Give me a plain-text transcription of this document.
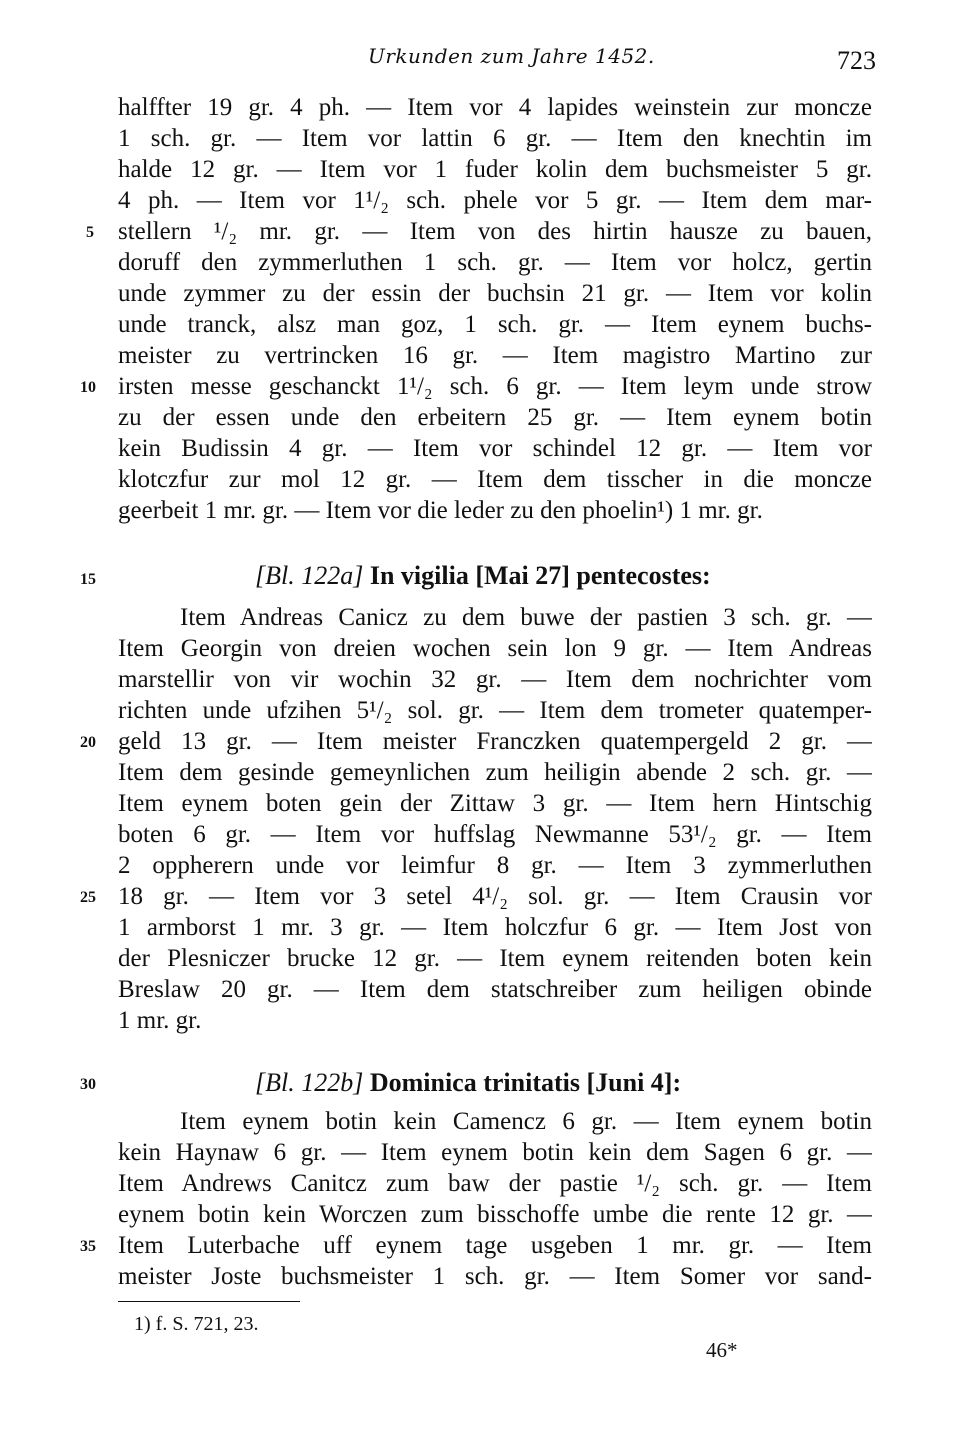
Urkunden zum Jahre 1452.	723
halffter 19 gr. 4 ph. — Item vor 4 lapides weinstein zur moncze
1 sch. gr. — Item vor lattin 6 gr. — Item den knechtin im
halde 12 gr. — Item vor 1 fuder kolin dem buchsmeister 5 gr.
4 ph. — Item vor 1¹/₂ sch. phele vor 5 gr. — Item dem mar-
stellern ¹/₂ mr. gr. — Item von des hirtin hausze zu bauen,
doruff den zymmerluthen 1 sch. gr. — Item vor holcz, gertin
unde zymmer zu der essin der buchsin 21 gr. — Item vor kolin
unde tranck, alsz man goz, 1 sch. gr. — Item eynem buchs-
meister zu vertrincken 16 gr. — Item magistro Martino zur
irsten messe geschanckt 1¹/₂ sch. 6 gr. — Item leym unde strow
zu der essen unde den erbeitern 25 gr. — Item eynem botin
kein Budissin 4 gr. — Item vor schindel 12 gr. — Item vor
klotczfur zur mol 12 gr. — Item dem tisscher in die moncze
geerbeit 1 mr. gr. — Item vor die leder zu den phoelin¹) 1 mr. gr.
[Bl. 122a] In vigilia [Mai 27] pentecostes:
Item Andreas Canicz zu dem buwe der pastien 3 sch. gr. —
Item Georgin von dreien wochen sein lon 9 gr. — Item Andreas
marstellir von vir wochin 32 gr. — Item dem nochrichter vom
richten unde ufzihen 5¹/₂ sol. gr. — Item dem trometer quatemper-
geld 13 gr. — Item meister Franczken quatempergeld 2 gr. —
Item dem gesinde gemeynlichen zum heiligin abende 2 sch. gr. —
Item eynem boten gein der Zittaw 3 gr. — Item hern Hintschig
boten 6 gr. — Item vor huffslag Newmanne 53¹/₂ gr. — Item
2 oppherern unde vor leimfur 8 gr. — Item 3 zymmerluthen
18 gr. — Item vor 3 setel 4¹/₂ sol. gr. — Item Crausin vor
1 armborst 1 mr. 3 gr. — Item holczfur 6 gr. — Item Jost von
der Plesniczer brucke 12 gr. — Item eynem reitenden boten kein
Breslaw 20 gr. — Item dem statschreiber zum heiligen obinde
1 mr. gr.
[Bl. 122b] Dominica trinitatis [Juni 4]:
Item eynem botin kein Camencz 6 gr. — Item eynem botin
kein Haynaw 6 gr. — Item eynem botin kein dem Sagen 6 gr. —
Item Andrews Canitcz zum baw der pastie ¹/₂ sch. gr. — Item
eynem botin kein Worczen zum bisschoffe umbe die rente 12 gr. —
Item Luterbache uff eynem tage usgeben 1 mr. gr. — Item
meister Joste buchsmeister 1 sch. gr. — Item Somer vor sand-
5
10
15
20
25
30
35
1) f. S. 721, 23.
46*
